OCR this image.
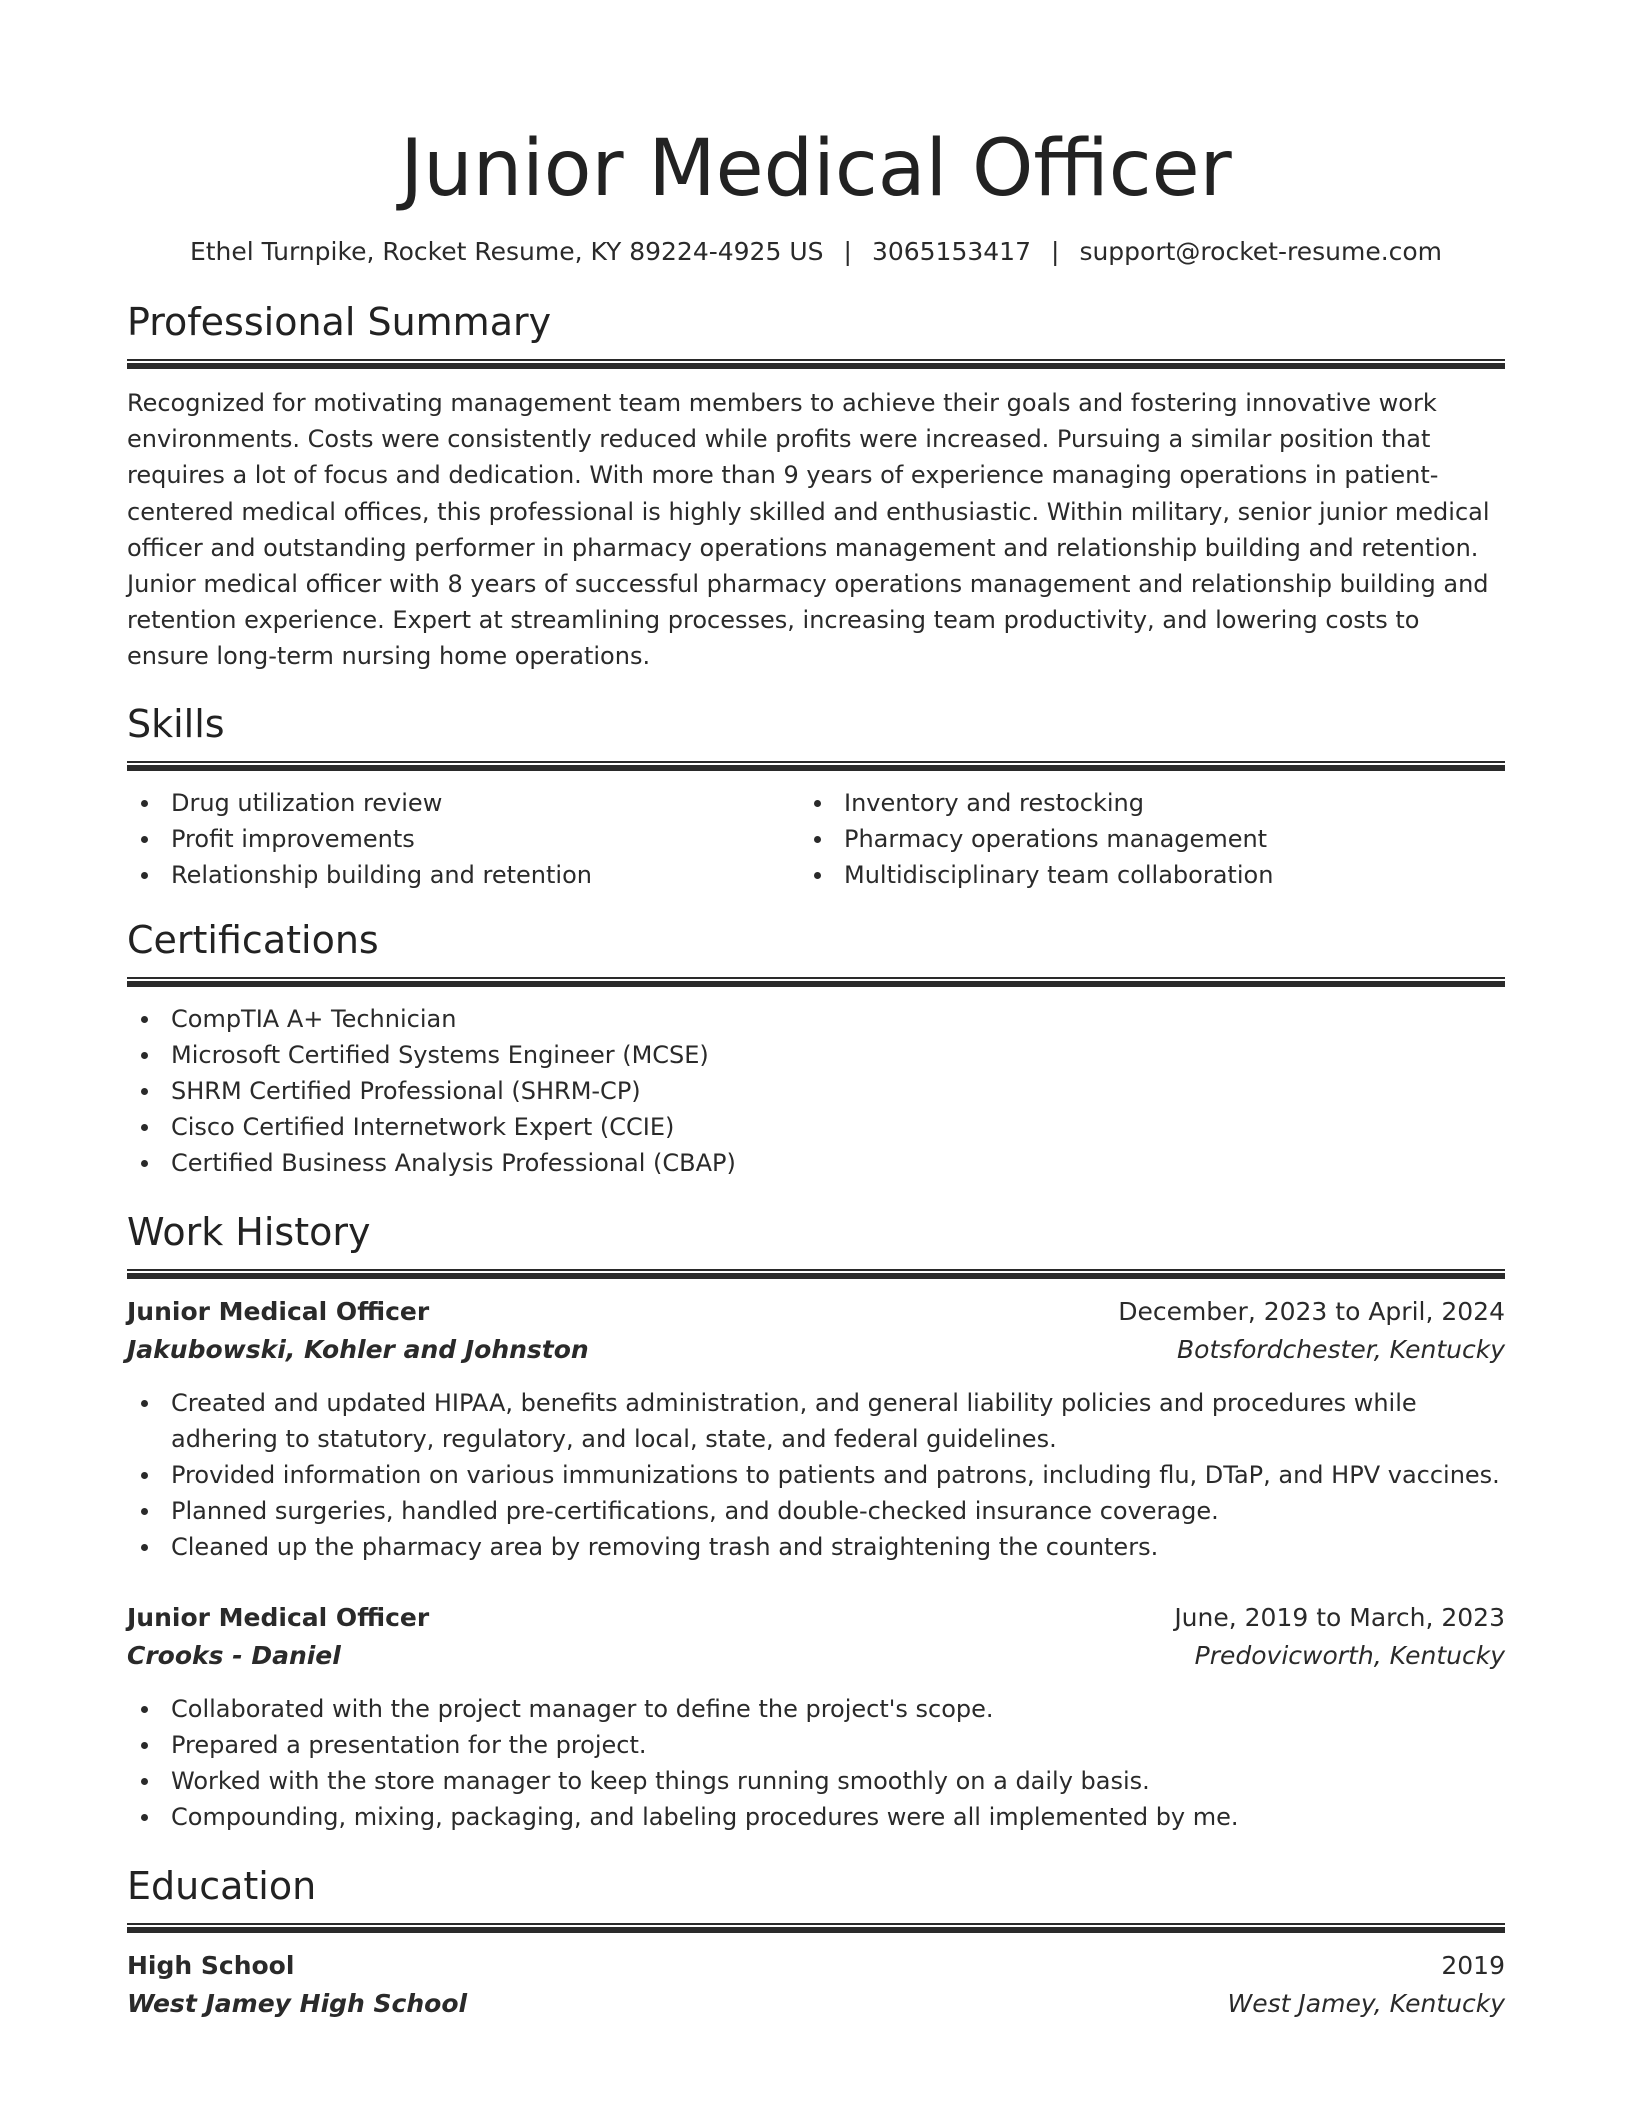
Junior Medical Officer
Ethel Turnpike, Rocket Resume, KY 89224-4925 US | 3065153417 | support@rocket-resume.com
Professional Summary

Recognized for motivating management team members to achieve their goals and fostering innovative work environments. Costs were consistently reduced while profits were increased. Pursuing a similar position that requires a lot of focus and dedication. With more than 9 years of experience managing operations in patient-centered medical offices, this professional is highly skilled and enthusiastic. Within military, senior junior medical officer and outstanding performer in pharmacy operations management and relationship building and retention. Junior medical officer with 8 years of successful pharmacy operations management and relationship building and retention experience. Expert at streamlining processes, increasing team productivity, and lowering costs to ensure long-term nursing home operations.

Skills
Drug utilization review
Profit improvements
Relationship building and retention
Inventory and restocking
Pharmacy operations management
Multidisciplinary team collaboration
Certifications
CompTIA A+ Technician
Microsoft Certified Systems Engineer (MCSE)
SHRM Certified Professional (SHRM-CP)
Cisco Certified Internetwork Expert (CCIE)
Certified Business Analysis Professional (CBAP)
Work History
Junior Medical Officer	December, 2023 to April, 2024
Jakubowski, Kohler and Johnston	Botsfordchester, Kentucky
Created and updated HIPAA, benefits administration, and general liability policies and procedures while adhering to statutory, regulatory, and local, state, and federal guidelines.
Provided information on various immunizations to patients and patrons, including flu, DTaP, and HPV vaccines.
Planned surgeries, handled pre-certifications, and double-checked insurance coverage.
Cleaned up the pharmacy area by removing trash and straightening the counters.
Junior Medical Officer	June, 2019 to March, 2023
Crooks - Daniel	Predovicworth, Kentucky
Collaborated with the project manager to define the project's scope.
Prepared a presentation for the project.
Worked with the store manager to keep things running smoothly on a daily basis.
Compounding, mixing, packaging, and labeling procedures were all implemented by me.
Education
High School	2019
West Jamey High School	West Jamey, Kentucky
